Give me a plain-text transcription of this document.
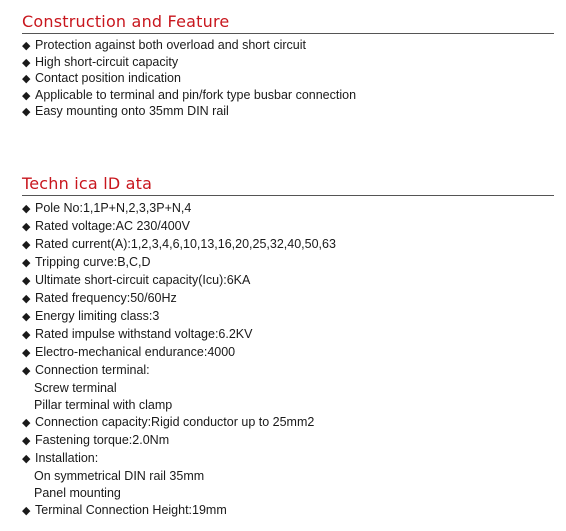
Construction and Feature
◆ Protection against both overload and short circuit
◆ High short-circuit capacity
◆ Contact position indication
◆ Applicable to terminal and pin/fork type busbar connection
◆ Easy mounting onto 35mm DIN rail
Techn ica lD ata
◆ Pole No:1,1P+N,2,3,3P+N,4
◆ Rated voltage:AC 230/400V
◆ Rated current(A):1,2,3,4,6,10,13,16,20,25,32,40,50,63
◆ Tripping curve:B,C,D
◆ Ultimate short-circuit capacity(Icu):6KA
◆ Rated frequency:50/60Hz
◆ Energy limiting class:3
◆ Rated impulse withstand voltage:6.2KV
◆ Electro-mechanical endurance:4000
◆ Connection terminal:
Screw terminal
Pillar terminal with clamp
◆ Connection capacity:Rigid conductor up to 25mm2
◆ Fastening torque:2.0Nm
◆ Installation:
On symmetrical DIN rail 35mm
Panel mounting
◆ Terminal Connection Height:19mm
